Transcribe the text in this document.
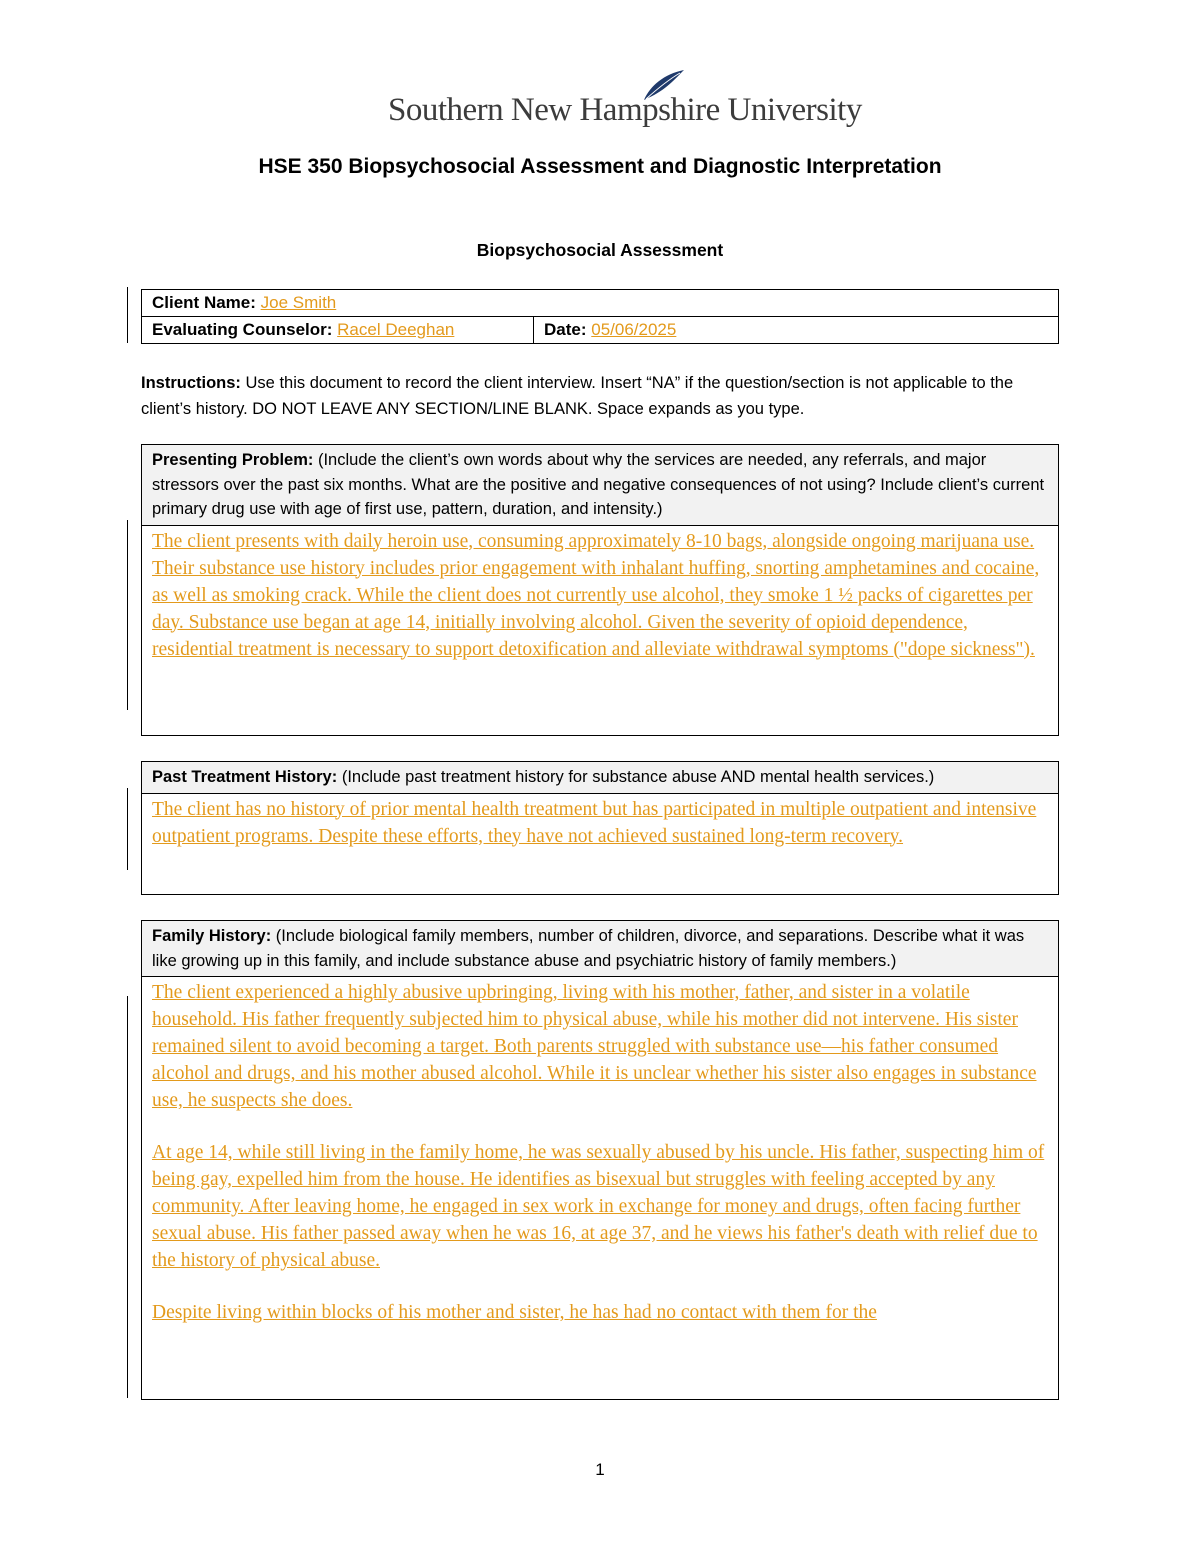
Southern New Hampshire University
HSE 350 Biopsychosocial Assessment and Diagnostic Interpretation
Biopsychosocial Assessment
Client Name: Joe Smith
Evaluating Counselor:
Racel Deeghan	Date: 05/06/2025
Instructions: Use this document to record the client interview. Insert “NA” if the question/section is not applicable to the client’s history. DO NOT LEAVE ANY SECTION/LINE BLANK. Space expands as you type.
Presenting Problem: (Include the client’s own words about why the services are needed, any referrals, and major stressors over the past six months. What are the positive and negative consequences of not using? Include client’s current primary drug use with age of first use, pattern, duration, and intensity.)

The client presents with daily heroin use, consuming approximately 8-10 bags, alongside ongoing marijuana use. Their substance use history includes prior engagement with inhalant huffing, snorting amphetamines and cocaine, as well as smoking crack. While the client does not currently use alcohol, they smoke 1 ½ packs of cigarettes per day. Substance use began at age 14, initially involving alcohol. Given the severity of opioid dependence, residential treatment is necessary to support detoxification and alleviate withdrawal symptoms ("dope sickness").

Past Treatment History: (Include past treatment history for substance abuse AND mental health services.)

The client has no history of prior mental health treatment but has participated in multiple outpatient and intensive outpatient programs. Despite these efforts, they have not achieved sustained long-term recovery.

Family History: (Include biological family members, number of children, divorce, and separations. Describe what it was like growing up in this family, and include substance abuse and psychiatric history of family members.)

The client experienced a highly abusive upbringing, living with his mother, father, and sister in a volatile household. His father frequently subjected him to physical abuse, while his mother did not intervene. His sister remained silent to avoid becoming a target. Both parents struggled with substance use—his father consumed alcohol and drugs, and his mother abused alcohol. While it is unclear whether his sister also engages in substance use, he suspects she does.

At age 14, while still living in the family home, he was sexually abused by his uncle. His father, suspecting him of being gay, expelled him from the house. He identifies as bisexual but struggles with feeling accepted by any community. After leaving home, he engaged in sex work in exchange for money and drugs, often facing further sexual abuse. His father passed away when he was 16, at age 37, and he views his father's death with relief due to the history of physical abuse.

Despite living within blocks of his mother and sister, he has had no contact with them for the

1
